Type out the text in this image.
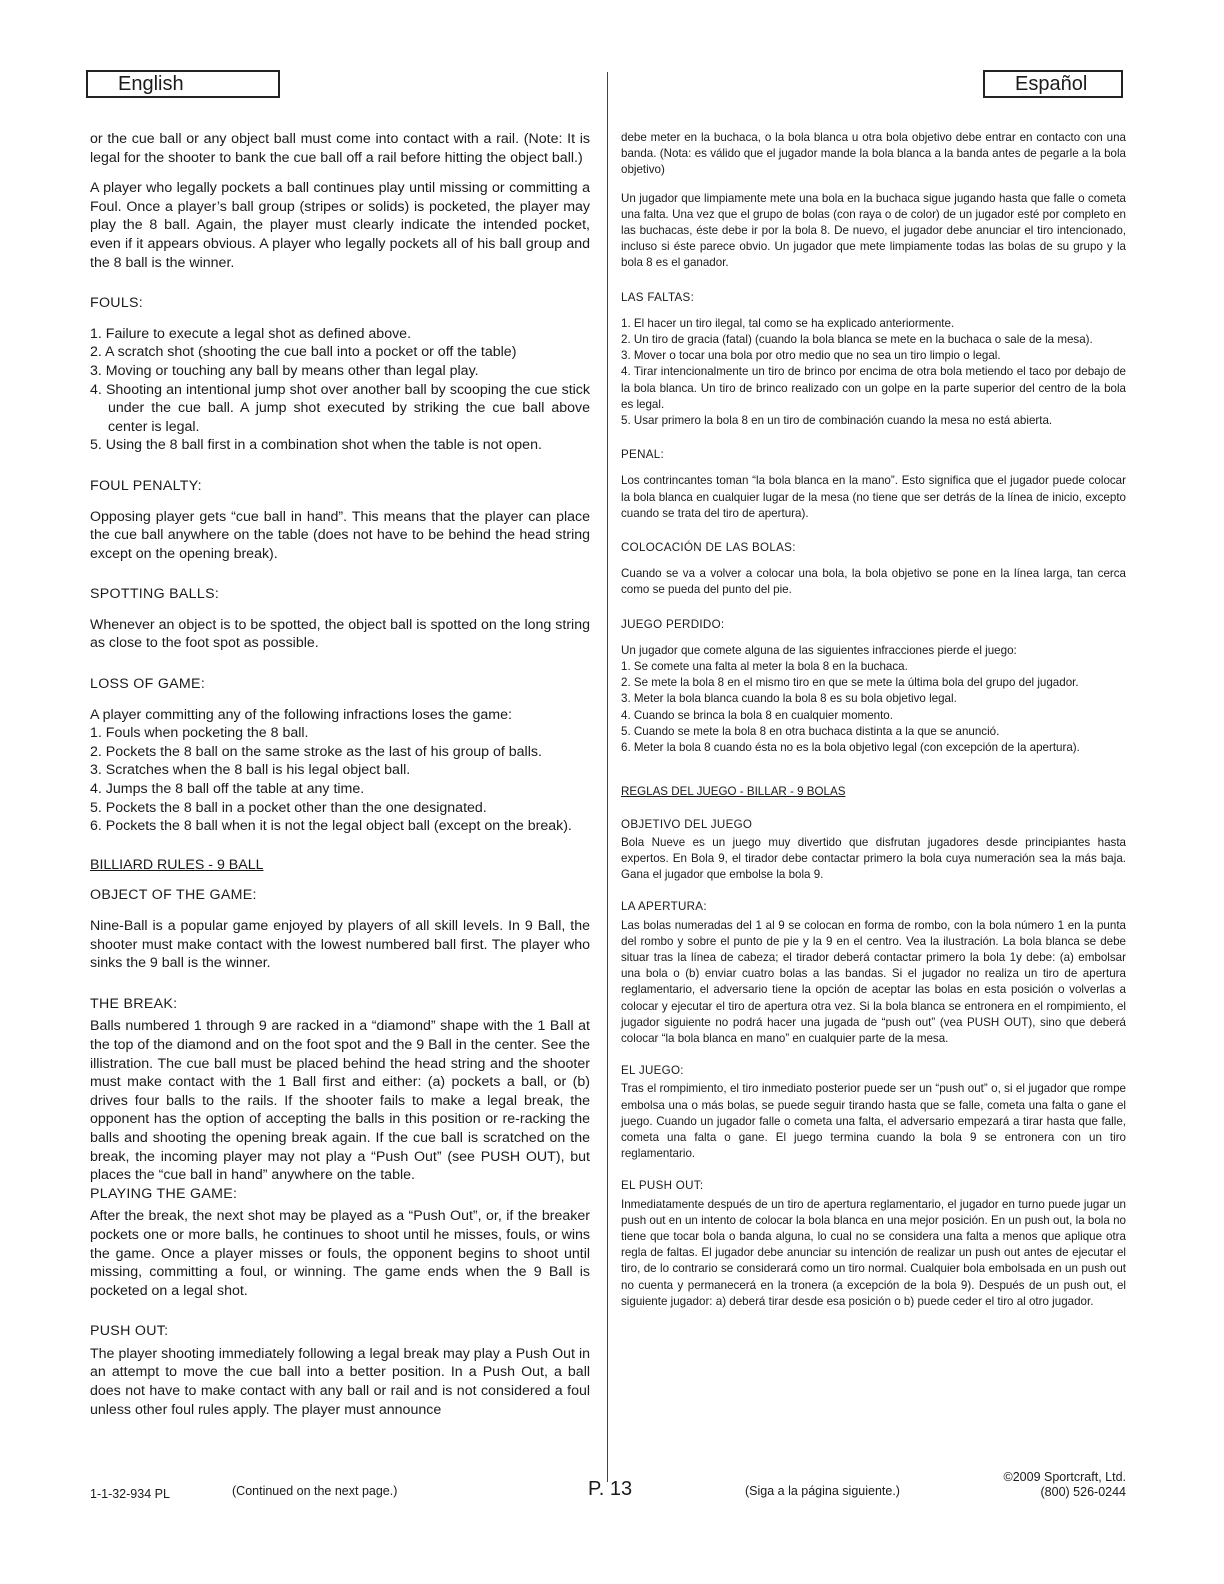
English	Español

or the cue ball or any object ball must come into contact with a rail. (Note: It is legal for the shooter to bank the cue ball off a rail before hitting the object ball.)

A player who legally pockets a ball continues play until missing or committing a Foul. Once a player’s ball group (stripes or solids) is pocketed, the player may play the 8 ball. Again, the player must clearly indicate the intended pocket, even if it appears obvious. A player who legally pockets all of his ball group and the 8 ball is the winner.

FOULS:
1. Failure to execute a legal shot as defined above.
2. A scratch shot (shooting the cue ball into a pocket or off the table)
3. Moving or touching any ball by means other than legal play.
4. Shooting an intentional jump shot over another ball by scooping the cue stick under the cue ball. A jump shot executed by striking the cue ball above center is legal.
5. Using the 8 ball first in a combination shot when the table is not open.
FOUL PENALTY:

Opposing player gets “cue ball in hand”. This means that the player can place the cue ball anywhere on the table (does not have to be behind the head string except on the opening break).

SPOTTING BALLS:

Whenever an object is to be spotted, the object ball is spotted on the long string as close to the foot spot as possible.

LOSS OF GAME:
A player committing any of the following infractions loses the game:
1. Fouls when pocketing the 8 ball.
2. Pockets the 8 ball on the same stroke as the last of his group of balls.
3. Scratches when the 8 ball is his legal object ball.
4. Jumps the 8 ball off the table at any time.
5. Pockets the 8 ball in a pocket other than the one designated.
6. Pockets the 8 ball when it is not the legal object ball (except on the break).
BILLIARD RULES - 9 BALL
OBJECT OF THE GAME:

Nine-Ball is a popular game enjoyed by players of all skill levels. In 9 Ball, the shooter must make contact with the lowest numbered ball first. The player who sinks the 9 ball is the winner.

THE BREAK:

Balls numbered 1 through 9 are racked in a “diamond” shape with the 1 Ball at the top of the diamond and on the foot spot and the 9 Ball in the center. See the illistration. The cue ball must be placed behind the head string and the shooter must make contact with the 1 Ball first and either: (a) pockets a ball, or (b) drives four balls to the rails. If the shooter fails to make a legal break, the opponent has the option of accepting the balls in this position or re-racking the balls and shooting the opening break again. If the cue ball is scratched on the break, the incoming player may not play a “Push Out” (see PUSH OUT), but places the “cue ball in hand” anywhere on the table.

PLAYING THE GAME:

After the break, the next shot may be played as a “Push Out”, or, if the breaker pockets one or more balls, he continues to shoot until he misses, fouls, or wins the game. Once a player misses or fouls, the opponent begins to shoot until missing, committing a foul, or winning. The game ends when the 9 Ball is pocketed on a legal shot.

PUSH OUT:

The player shooting immediately following a legal break may play a Push Out in an attempt to move the cue ball into a better position. In a Push Out, a ball does not have to make contact with any ball or rail and is not considered a foul unless other foul rules apply. The player must announce

debe meter en la buchaca, o la bola blanca u otra bola objetivo debe entrar en contacto con una banda. (Nota: es válido que el jugador mande la bola blanca a la banda antes de pegarle a la bola objetivo)

Un jugador que limpiamente mete una bola en la buchaca sigue jugando hasta que falle o cometa una falta. Una vez que el grupo de bolas (con raya o de color) de un jugador esté por completo en las buchacas, éste debe ir por la bola 8. De nuevo, el jugador debe anunciar el tiro intencionado, incluso si éste parece obvio. Un jugador que mete limpiamente todas las bolas de su grupo y la bola 8 es el ganador.

LAS FALTAS:
1. El hacer un tiro ilegal, tal como se ha explicado anteriormente.
2. Un tiro de gracia (fatal) (cuando la bola blanca se mete en la buchaca o sale de la mesa).
3. Mover o tocar una bola por otro medio que no sea un tiro limpio o legal.
4. Tirar intencionalmente un tiro de brinco por encima de otra bola metiendo el taco por debajo de la bola blanca. Un tiro de brinco realizado con un golpe en la parte superior del centro de la bola es legal.
5. Usar primero la bola 8 en un tiro de combinación cuando la mesa no está abierta.
PENAL:

Los contrincantes toman “la bola blanca en la mano”. Esto significa que el jugador puede colocar la bola blanca en cualquier lugar de la mesa (no tiene que ser detrás de la línea de inicio, excepto cuando se trata del tiro de apertura).

COLOCACIÓN DE LAS BOLAS:

Cuando se va a volver a colocar una bola, la bola objetivo se pone en la línea larga, tan cerca como se pueda del punto del pie.

JUEGO PERDIDO:
Un jugador que comete alguna de las siguientes infracciones pierde el juego:
1. Se comete una falta al meter la bola 8 en la buchaca.
2. Se mete la bola 8 en el mismo tiro en que se mete la última bola del grupo del jugador.
3. Meter la bola blanca cuando la bola 8 es su bola objetivo legal.
4. Cuando se brinca la bola 8 en cualquier momento.
5. Cuando se mete la bola 8 en otra buchaca distinta a la que se anunció.
6. Meter la bola 8 cuando ésta no es la bola objetivo legal (con excepción de la apertura).
REGLAS DEL JUEGO - BILLAR - 9 BOLAS
OBJETIVO DEL JUEGO

Bola Nueve es un juego muy divertido que disfrutan jugadores desde principiantes hasta expertos. En Bola 9, el tirador debe contactar primero la bola cuya numeración sea la más baja. Gana el jugador que embolse la bola 9.

LA APERTURA:

Las bolas numeradas del 1 al 9 se colocan en forma de rombo, con la bola número 1 en la punta del rombo y sobre el punto de pie y la 9 en el centro. Vea la ilustración. La bola blanca se debe situar tras la línea de cabeza; el tirador deberá contactar primero la bola 1y debe: (a) embolsar una bola o (b) enviar cuatro bolas a las bandas. Si el jugador no realiza un tiro de apertura reglamentario, el adversario tiene la opción de aceptar las bolas en esta posición o volverlas a colocar y ejecutar el tiro de apertura otra vez. Si la bola blanca se entronera en el rompimiento, el jugador siguiente no podrá hacer una jugada de “push out” (vea PUSH OUT), sino que deberá colocar “la bola blanca en mano” en cualquier parte de la mesa.

EL JUEGO:

Tras el rompimiento, el tiro inmediato posterior puede ser un “push out” o, si el jugador que rompe embolsa una o más bolas, se puede seguir tirando hasta que se falle, cometa una falta o gane el juego. Cuando un jugador falle o cometa una falta, el adversario empezará a tirar hasta que falle, cometa una falta o gane. El juego termina cuando la bola 9 se entronera con un tiro reglamentario.

EL PUSH OUT:

Inmediatamente después de un tiro de apertura reglamentario, el jugador en turno puede jugar un push out en un intento de colocar la bola blanca en una mejor posición. En un push out, la bola no tiene que tocar bola o banda alguna, lo cual no se considera una falta a menos que aplique otra regla de faltas. El jugador debe anunciar su intención de realizar un push out antes de ejecutar el tiro, de lo contrario se considerará como un tiro normal. Cualquier bola embolsada en un push out no cuenta y permanecerá en la tronera (a excepción de la bola 9). Después de un push out, el siguiente jugador: a) deberá tirar desde esa posición o b) puede ceder el tiro al otro jugador.

1-1-32-934 PL	(Continued on the next page.)	P. 13	(Siga a la página siguiente.)
©2009 Sportcraft, Ltd.
(800) 526-0244
